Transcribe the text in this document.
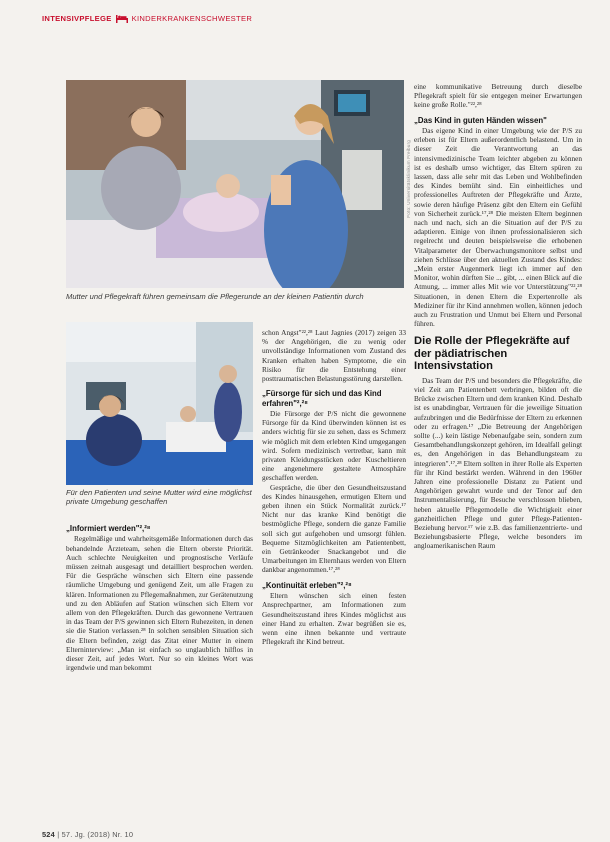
INTENSIVPFLEGE	KINDERKRANKENSCHWESTER
Foto: Universitätsklinikum Freiburg
Mutter und Pflegekraft führen gemeinsam die Pflegerunde an der kleinen Patientin durch
Für den Patienten und seine Mutter wird eine möglichst private Umgebung geschaffen

schon Angst"²²,²⁸ Laut Jagnies (2017) zeigen 33 % der Angehörigen, die zu wenig oder unvollständige Informationen vom Zustand des Kranken erhalten haben Symptome, die ein Risiko für die Entstehung einer posttraumatischen Belastungsstörung darstellen.

„Fürsorge für sich und das Kind erfahren"²,²⁸

Die Fürsorge der P/S nicht die gewonnene Fürsorge für da Kind überwinden können ist es anders wichtig für sie zu sehen, dass es Schmerz wie möglich mit dem erlebten Kind umgegangen wird. Sofern medizinisch vertretbar, kann mit privaten Kleidungsstücken oder Kuscheltieren eine angenehmere gestaltete Atmosphäre geschaffen werden.

Gespräche, die über den Gesundheitszustand des Kindes hinausgehen, ermutigen Eltern und geben ihnen ein Stück Normalität zurück.¹⁷ Nicht nur das kranke Kind benötigt die bestmögliche Pflege, sondern die ganze Familie soll sich gut aufgehoben und umsorgt fühlen. Bequeme Sitzmöglichkeiten am Patientenbett, ein Getränkeoder Snackangebot und die Umarbeitungen im Elternhaus werden von Eltern dankbar angenommen.¹⁷,²⁸

„Kontinuität erleben"²,²⁸

Eltern wünschen sich einen festen Ansprechpartner, am Informationen zum Gesundheitszustand ihres Kindes möglichst aus einer Hand zu erhalten. Zwar begrüßen sie es, wenn eine ihnen bekannte und vertraute Pflegekraft ihr Kind betreut.

„Informiert werden"²,²⁸

Regelmäßige und wahrheitsgemäße Informationen durch das behandelnde Ärzteteam, sehen die Eltern oberste Priorität. Auch schlechte Neuigkeiten und prognostische Verläufe müssen zeitnah ausgesagt und detailliert besprochen werden. Für die Gespräche wünschen sich Eltern eine passende räumliche Umgebung und genügend Zeit, um alle Fragen zu klären. Informationen zu Pflegemaßnahmen, zur Gerätenutzung und zu den Abläufen auf Station wünschen sich Eltern vor allem von den Pflegekräften. Durch das gewonnene Vertrauen in das Team der P/S gewinnen sich Eltern Ruhezeiten, in denen sie die Station verlassen.²⁸ In solchen sensiblen Situation sich die Eltern befinden, zeigt das Zitat einer Mutter in einem Elterninterview: „Man ist einfach so unglaublich hilflos in dieser Zeit, auf jedes Wort. Nur so ein kleines Wort was irgendwie und man bekommt

eine kommunikative Betreuung durch dieselbe Pflegekraft spielt für sie entgegen meiner Erwartungen keine große Rolle."²²,²⁸

„Das Kind in guten Händen wissen"

Das eigene Kind in einer Umgebung wie der P/S zu erleben ist für Eltern außerordentlich belastend. Um in dieser Zeit die Verantwortung an das intensivmedizinische Team leichter abgeben zu können ist es deshalb umso wichtiger, das Eltern spüren zu lassen, dass alle sehr mit das Leben und Wohlbefinden des Kindes bemüht sind. Ein einheitliches und professionelles Auftreten der Pflegekräfte und Ärzte, sowie deren häufige Präsenz gibt den Eltern ein Gefühl von Sicherheit zurück.¹⁷,²⁸ Die meisten Eltern beginnen nach und nach, sich an die Situation auf der P/S zu adaptieren. Einige von ihnen professionalisieren sich regelrecht und deuten beispielsweise die erhobenen Vitalparameter der Überwachungsmonitore selbst und ziehen Schlüsse über den aktuellen Zustand des Kindes: „Mein erster Augenmerk liegt ich immer auf den Monitor, wohin dürften Sie ... gibt, ... einen Blick auf die Atmung, ... immer alles Mit wie vor Unterstützung"²²,²⁸ Situationen, in denen Eltern die Expertenrolle als Mediziner für ihr Kind annehmen wollen, können jedoch auch zu Frustration und Unmut bei Eltern und Personal führen.

Die Rolle der Pflegekräfte auf der pädiatrischen Intensivstation

Das Team der P/S und besonders die Pflegekräfte, die viel Zeit am Patientenbett verbringen, bilden oft die Brücke zwischen Eltern und dem kranken Kind. Deshalb ist es unabdingbar, Vertrauen für die jeweilige Situation aufzubringen und die Bedürfnisse der Eltern zu erkennen oder zu erfragen.¹⁷ „Die Betreuung der Angehörigen sollte (...) kein lästige Nebenaufgabe sein, sondern zum Gesamtbehandlungskonzept gehören, im Idealfall gelingt es, den Angehörigen in das Behandlungsteam zu integrieren".¹⁷,²⁸ Eltern sollten in ihrer Rolle als Experten für ihr Kind bestärkt werden. Während in den 1960er Jahren eine professionelle Distanz zu Patient und Angehörigen gewahrt wurde und der Tenor auf den Instrumentalisierung, für Besuche verschlossen blieben, heben aktuelle Pflegemodelle die Wichtigkeit einer ganzheitlichen Pflege und guter Pflege-Patienten-Beziehung hervor.¹⁷ wie z.B. das familienzentrierte- und Beziehungsbasierte Pflege, welche besonders im angloamerikanischen Raum

524 | 57. Jg. (2018) Nr. 10
